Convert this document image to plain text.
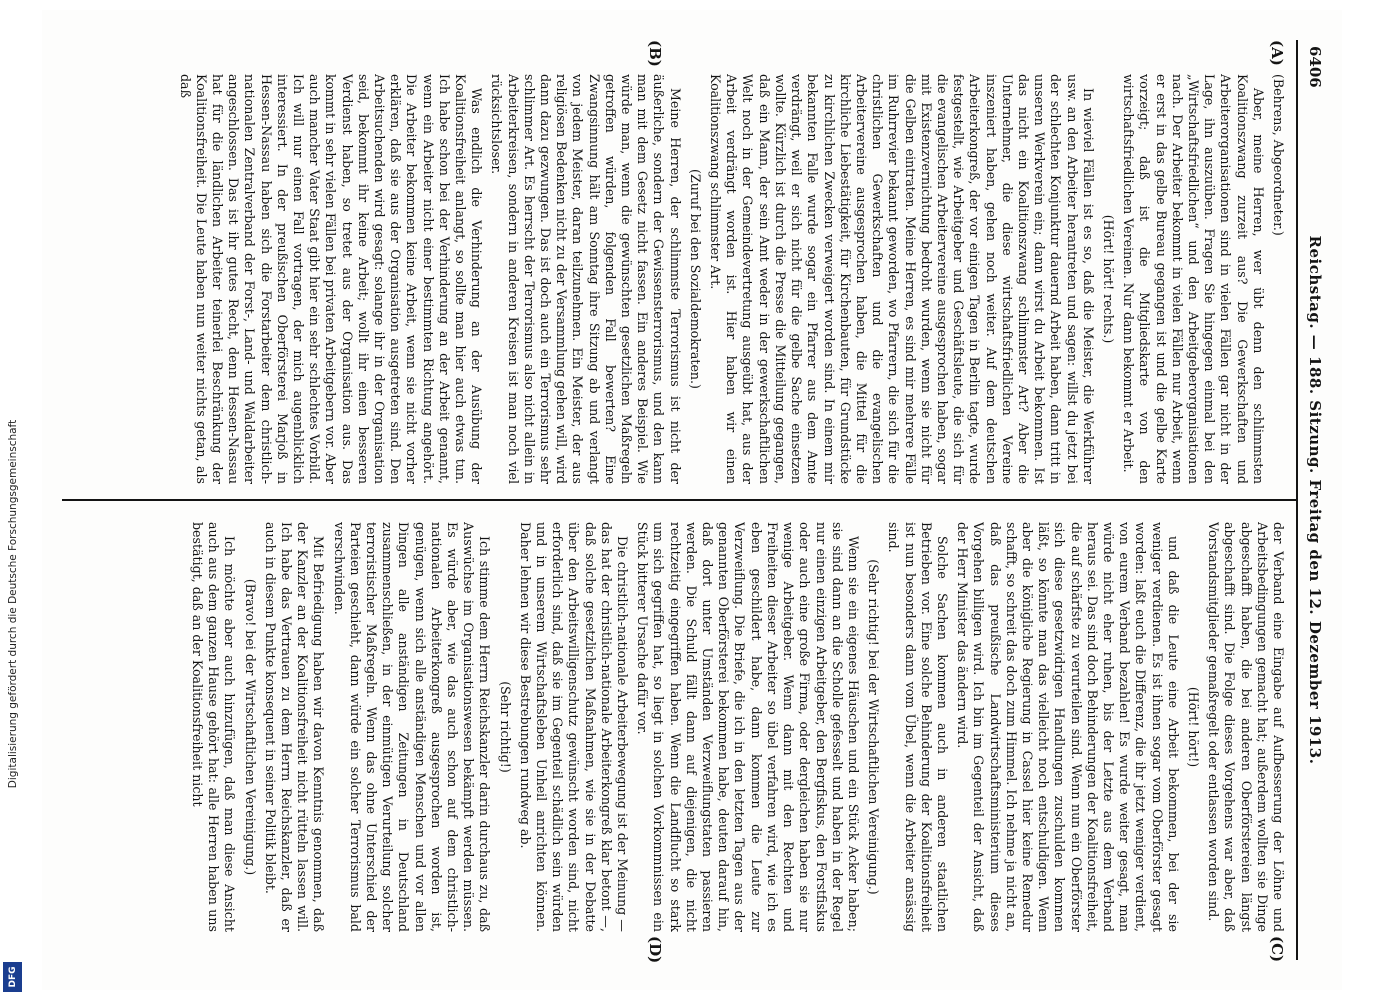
Digitalisierung gefördert durch die Deutsche Forschungsgemeinschaft
DFG
6406
Reichstag. — 188. Sitzung. Freitag den 12. Dezember 1913.
(A)
(B)
(C)
(D)

(Behrens, Abgeordneter.)

Aber, meine Herren, wer übt denn den schlimmsten Koalitionszwang zurzeit aus? Die Gewerkschaften und Arbeiterorganisationen sind in vielen Fällen gar nicht in der Lage, ihn auszuüben. Fragen Sie hingegen einmal bei den „Wirtschaftsfriedlichen“ und den Arbeitgeberorganisationen nach. Der Arbeiter bekommt in vielen Fällen nur Arbeit, wenn er erst in das gelbe Bureau gegangen ist und die gelbe Karte vorzeigt; daß ist die Mitgliedskarte von den wirtschaftsfriedlichen Vereinen. Nur dann bekommt er Arbeit.

(Hört! hört! rechts.)

In wieviel Fällen ist es so, daß die Meister, die Werkführer usw. an den Arbeiter herantreten und sagen: willst du jetzt bei der schlechten Konjunktur dauernd Arbeit haben, dann tritt in unseren Werkverein ein; dann wirst du Arbeit bekommen. Ist das nicht ein Koalitionszwang schlimmster Art? Aber die Unternehmer, die diese wirtschaftsfriedlichen Vereine inszeniert haben, gehen noch weiter. Auf dem deutschen Arbeiterkongreß, der vor einigen Tagen in Berlin tagte, wurde festgestellt, wie Arbeitgeber und Geschäftsleute, die sich für die evangelischen Arbeitervereine ausgesprochen haben, sogar mit Existenzvernichtung bedroht wurden, wenn sie nicht für die Gelben eintraten. Meine Herren, es sind mir mehrere Fälle im Ruhrrevier bekannt geworden, wo Pfarrern, die sich für die christlichen Gewerkschaften und die evangelischen Arbeitervereine ausgesprochen haben, die Mittel für die kirchliche Liebestätigkeit, für Kirchenbauten, für Grundstücke zu kirchlichen Zwecken verweigert worden sind. In einem mir bekannten Falle wurde sogar ein Pfarrer aus dem Amte verdrängt, weil er sich nicht für die gelbe Sache einsetzen wollte. Kürzlich ist durch die Presse die Mitteilung gegangen, daß ein Mann, der sein Amt weder in der gewerkschaftlichen Welt noch in der Gemeindevertretung ausgeübt hat, aus der Arbeit verdrängt worden ist. Hier haben wir einen Koalitionszwang schlimmster Art.

(Zuruf bei den Sozialdemokraten.)

Meine Herren, der schlimmste Terrorismus ist nicht der äußerliche, sondern der Gewissensterrorismus, und den kann man mit dem Gesetz nicht fassen. Ein anderes Beispiel. Wie würde man, wenn die gewünschten gesetzlichen Maßregeln getroffen würden, folgenden Fall bewerten? Eine Zwangsinnung hält am Sonntag ihre Sitzung ab und verlangt von jedem Meister, daran teilzunehmen. Ein Meister, der aus religiösen Bedenken nicht zu der Versammlung gehen will, wird dann dazu gezwungen. Das ist doch auch ein Terrorismus sehr schlimmer Art. Es herrscht der Terrorismus also nicht allein in Arbeiterkreisen, sondern in anderen Kreisen ist man noch viel rücksichtsloser.

Was endlich die Verhinderung an der Ausübung der Koalitionsfreiheit anlangt, so sollte man hier auch etwas tun. Ich habe schon bei der Verhinderung an der Arbeit genannt, wenn ein Arbeiter nicht einer bestimmten Richtung angehört. Die Arbeiter bekommen keine Arbeit, wenn sie nicht vorher erklären, daß sie aus der Organisation ausgetreten sind. Den Arbeitsuchenden wird gesagt: solange ihr in der Organisation seid, bekommt ihr keine Arbeit; wollt ihr einen besseren Verdienst haben, so tretet aus der Organisation aus. Das kommt in sehr vielen Fällen bei privaten Arbeitgebern vor. Aber auch mancher Vater Staat gibt hier ein sehr schlechtes Vorbild. Ich will nur einen Fall vortragen, der mich augenblicklich interessiert. In der preußischen Oberförsterei Marjoß in Hessen-Nassau haben sich die Forstarbeiter dem christlich-nationalen Zentralverband der Forst-, Land- und Waldarbeiter angeschlossen. Das ist ihr gutes Recht, denn Hessen-Nassau hat für die ländlichen Arbeiter teinerlei Beschränkung der Koalitionsfreiheit. Die Leute haben nun weiter nichts getan, als daß

der Verband eine Eingabe auf Aufbesserung der Löhne und Arbeitsbedingungen gemacht hat; außerdem wollten sie Dinge abgeschafft haben, die bei anderen Oberförstereien längst abgeschafft sind. Die Folge dieses Vorgehens war aber, daß Vorstandsmitglieder gemaßregelt oder entlassen worden sind.

(Hört! hört!)

und daß die Leute eine Arbeit bekommen, bei der sie weniger verdienen. Es ist ihnen sogar vom Oberförster gesagt worden: laßt euch die Differenz, die ihr jetzt weniger verdient, von eurem Verband bezahlen! Es wurde weiter gesagt, man würde nicht eher ruhen, bis der Letzte aus dem Verband heraus sei. Das sind doch Behinderungen der Koalitionsfreiheit, die auf schärfste zu verurteilen sind. Wenn nun ein Oberförster sich diese gesetzwidrigen Handlungen zuschulden kommen läßt, so könnte man das vielleicht noch entschuldigen. Wenn aber die königliche Regierung in Cassel hier keine Remedur schafft, so schreit das doch zum Himmel. Ich nehme ja nicht an, daß das preußische Landwirtschaftsministerium dieses Vorgehen billigen wird. Ich bin im Gegenteil der Ansicht, daß der Herr Minister das ändern wird.

Solche Sachen kommen auch in anderen staatlichen Betrieben vor. Eine solche Behinderung der Koalitionsfreiheit ist nun besonders dann vom Übel, wenn die Arbeiter ansässig sind.

(Sehr richtig! bei der Wirtschaftlichen Vereinigung.)

Wenn sie ein eigenes Häuschen und ein Stück Acker haben; sie sind dann an die Scholle gefesselt und haben in der Regel nur einen einzigen Arbeitgeber, den Bergfiskus, den Forstfiskus oder auch eine große Firma, oder dergleichen haben sie nur wenige Arbeitgeber. Wenn dann mit den Rechten und Freiheiten dieser Arbeiter so übel verfahren wird, wie ich es eben geschildert habe, dann kommen die Leute zur Verzweiflung. Die Briefe, die ich in den letzten Tagen aus der genannten Oberförsterei bekommen habe, deuten darauf hin, daß dort unter Umständen Verzweiflungstaten passieren werden. Die Schuld fällt dann auf diejenigen, die nicht rechtzeitig eingegriffen haben. Wenn die Landflucht so stark um sich gegriffen hat, so liegt in solchen Vorkommnissen ein Stück bitterer Ursache dafür vor.

Die christlich-nationale Arbeiterbewegung ist der Meinung — das hat der christlich-nationale Arbeiterkongreß klar betont —, daß solche gesetzlichen Maßnahmen, wie sie in der Debatte über den Arbeitswilligenschutz gewünscht worden sind, nicht erforderlich sind, daß sie im Gegenteil schädlich sein würden und in unserem Wirtschaftsleben Unheil anrichten können. Daher lehnen wir diese Bestrebungen rundweg ab.

(Sehr richtig!)

Ich stimme dem Herrn Reichskanzler darin durchaus zu, daß Auswüchse im Organisationswesen bekämpft werden müssen. Es würde aber, wie das auch schon auf dem christlich-nationalen Arbeiterkongreß ausgesprochen worden ist, genügen, wenn sich alle anständigen Menschen und vor allen Dingen alle anständigen Zeitungen in Deutschland zusammenschließen, in der einmütigen Verurteilung solcher terroristischer Maßregeln. Wenn das ohne Unterschied der Parteien geschieht, dann würde ein solcher Terrorismus bald verschwinden.

Mit Befriedigung haben wir davon Kenntnis genommen, daß der Kanzler an der Koalitionsfreiheit nicht rütteln lassen will. Ich habe das Vertrauen zu dem Herrn Reichskanzler, daß er auch in diesem Punkte konsequent in seiner Politik bleibt.

(Bravo! bei der Wirtschaftlichen Vereinigung.)

Ich möchte aber auch hinzufügen, daß man diese Ansicht auch aus dem ganzen Hause gehört hat: alle Herren haben uns bestätigt, daß an der Koalitionsfreiheit nicht
